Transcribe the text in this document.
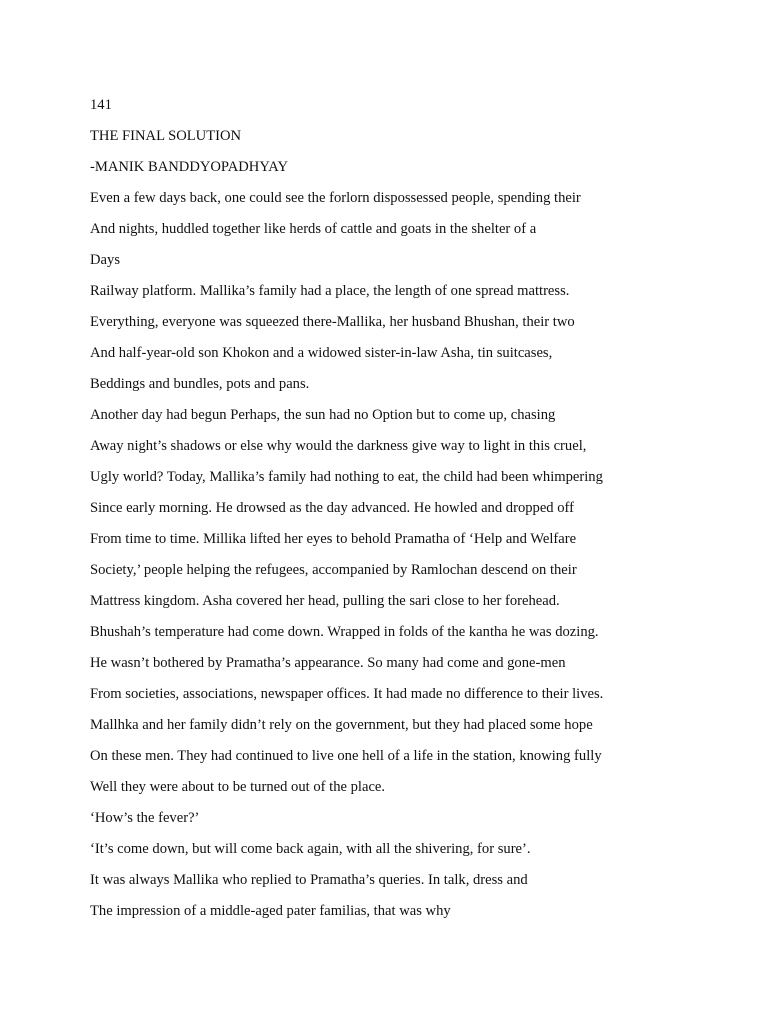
141
THE FINAL SOLUTION
-MANIK BANDDYOPADHYAY
Even a few days back, one could see the forlorn dispossessed people, spending their
And nights, huddled together like herds of cattle and goats in the shelter of a
Days
Railway platform. Mallika’s family had a place, the length of one spread mattress.
Everything, everyone was squeezed there-Mallika, her husband Bhushan, their two
And half-year-old son Khokon and a widowed sister-in-law Asha, tin suitcases,
Beddings and bundles, pots and pans.
Another day had begun Perhaps, the sun had no Option but to come up, chasing
Away night’s shadows or else why would the darkness give way to light in this cruel,
Ugly world? Today, Mallika’s family had nothing to eat, the child had been whimpering
Since early morning. He drowsed as the day advanced. He howled and dropped off
From time to time. Millika lifted her eyes to behold Pramatha of ‘Help and Welfare
Society,’ people helping the refugees, accompanied by Ramlochan descend on their
Mattress kingdom. Asha covered her head, pulling the sari close to her forehead.
Bhushah’s temperature had come down. Wrapped in folds of the kantha he was dozing.
He wasn’t bothered by Pramatha’s appearance. So many had come and gone-men
From societies, associations, newspaper offices. It had made no difference to their lives.
Mallhka and her family didn’t rely on the government, but they had placed some hope
On these men. They had continued to live one hell of a life in the station, knowing fully
Well they were about to be turned out of the place.
‘How’s the fever?’
‘It’s come down, but will come back again, with all the shivering, for sure’.
It was always Mallika who replied to Pramatha’s queries. In talk, dress and
The impression of a middle-aged pater familias, that was why
